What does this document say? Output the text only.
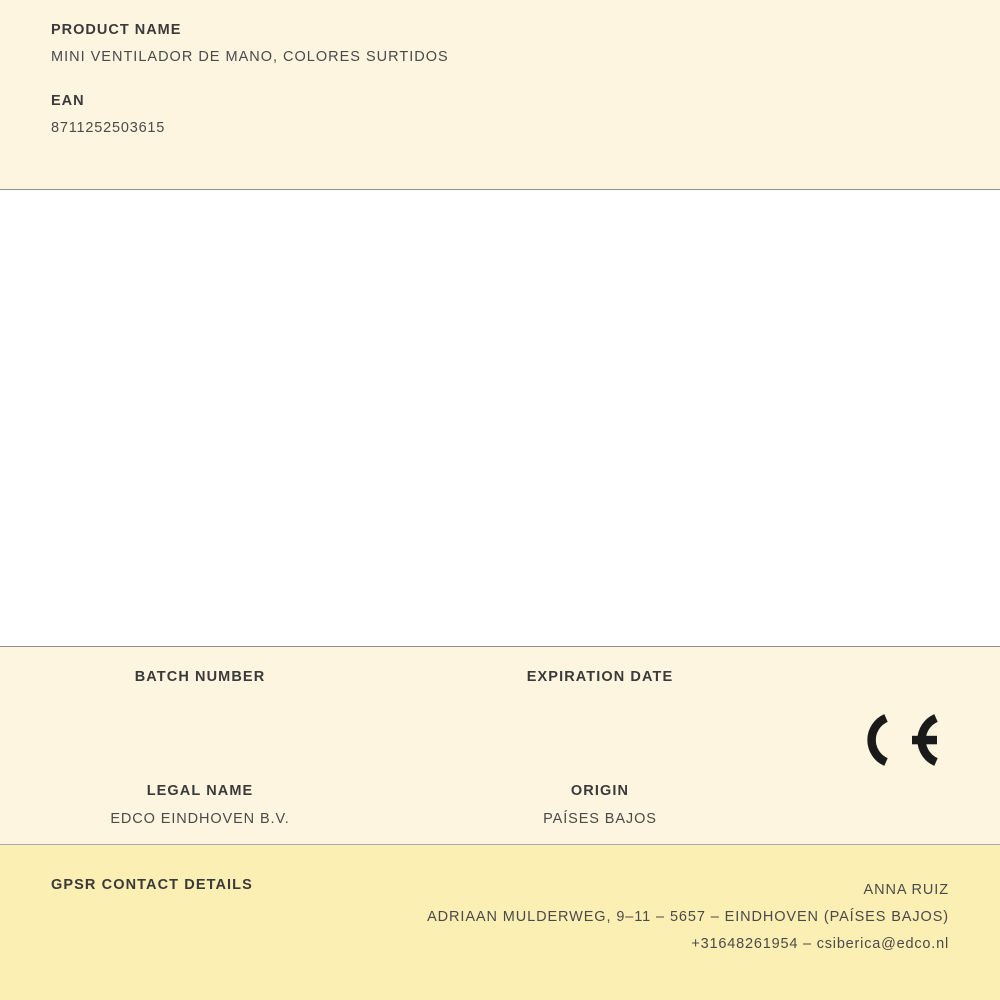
PRODUCT NAME
MINI VENTILADOR DE MANO, COLORES SURTIDOS
EAN
8711252503615
BATCH NUMBER	EXPIRATION DATE
LEGAL NAME
EDCO EINDHOVEN B.V.
ORIGIN
PAÍSES BAJOS
GPSR CONTACT DETAILS	ANNA RUIZ
ADRIAAN MULDERWEG, 9–11 – 5657 – EINDHOVEN (PAÍSES BAJOS)
+31648261954 – csiberica@edco.nl
